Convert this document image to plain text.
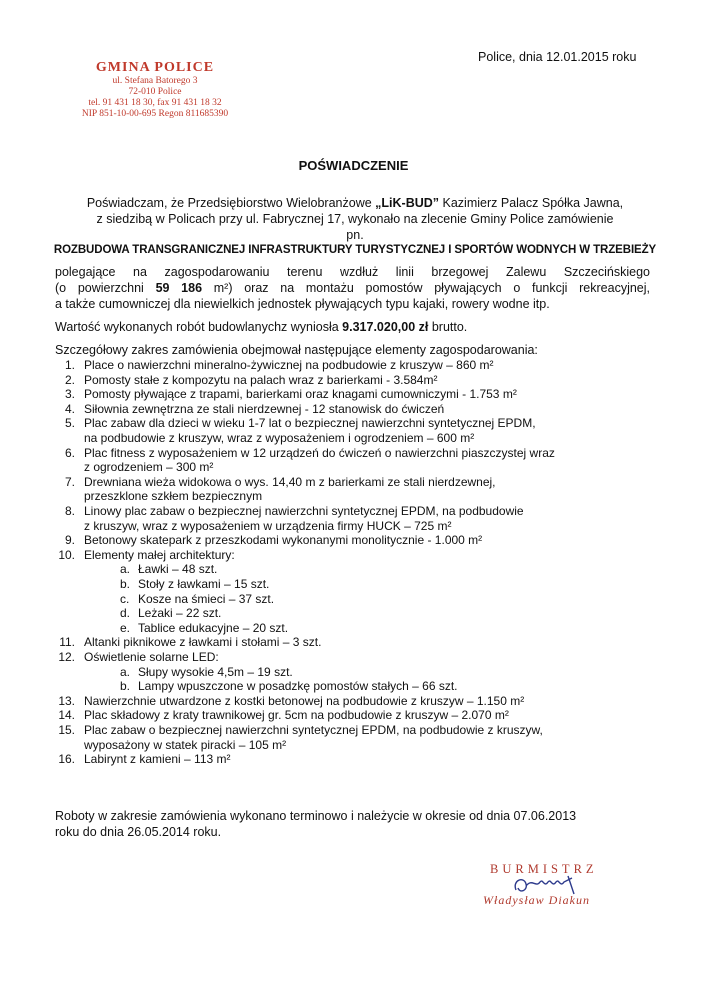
GMINA POLICE
ul. Stefana Batorego 3
72-010 Police
tel. 91 431 18 30, fax 91 431 18 32
NIP 851-10-00-695 Regon 811685390
Police, dnia 12.01.2015 roku
POŚWIADCZENIE
Poświadczam, że Przedsiębiorstwo Wielobranżowe „LiK-BUD” Kazimierz Palacz Spółka Jawna,
z siedzibą w Policach przy ul. Fabrycznej 17, wykonało na zlecenie Gminy Police zamówienie
pn.
ROZBUDOWA TRANSGRANICZNEJ INFRASTRUKTURY TURYSTYCZNEJ I SPORTÓW WODNYCH W TRZEBIEŻY
polegające na zagospodarowaniu terenu wzdłuż linii brzegowej Zalewu Szczecińskiego
(o powierzchni 59 186 m²) oraz na montażu pomostów pływających o funkcji rekreacyjnej,
a także cumowniczej dla niewielkich jednostek pływających typu kajaki, rowery wodne itp.
Wartość wykonanych robót budowlanychz wyniosła 9.317.020,00 zł brutto.
Szczegółowy zakres zamówienia obejmował następujące elementy zagospodarowania:
1. Place o nawierzchni mineralno-żywicznej na podbudowie z kruszyw – 860 m²
2. Pomosty stałe z kompozytu na palach wraz z barierkami - 3.584m²
3. Pomosty pływające z trapami, barierkami oraz knagami cumowniczymi - 1.753 m²
4. Siłownia zewnętrzna ze stali nierdzewnej - 12 stanowisk do ćwiczeń
5. Plac zabaw dla dzieci w wieku 1-7 lat o bezpiecznej nawierzchni syntetycznej EPDM,
na podbudowie z kruszyw, wraz z wyposażeniem i ogrodzeniem – 600 m²
6. Plac fitness z wyposażeniem w 12 urządzeń do ćwiczeń o nawierzchni piaszczystej wraz
z ogrodzeniem – 300 m²
7. Drewniana wieża widokowa o wys. 14,40 m z barierkami ze stali nierdzewnej,
przeszklone szkłem bezpiecznym
8. Linowy plac zabaw o bezpiecznej nawierzchni syntetycznej EPDM, na podbudowie
z kruszyw, wraz z wyposażeniem w urządzenia firmy HUCK – 725 m²
9. Betonowy skatepark z przeszkodami wykonanymi monolitycznie - 1.000 m²
10. Elementy małej architektury:
a. Ławki – 48 szt.
b. Stoły z ławkami – 15 szt.
c. Kosze na śmieci – 37 szt.
d. Leżaki – 22 szt.
e. Tablice edukacyjne – 20 szt.
11. Altanki piknikowe z ławkami i stołami – 3 szt.
12. Oświetlenie solarne LED:
a. Słupy wysokie 4,5m – 19 szt.
b. Lampy wpuszczone w posadzkę pomostów stałych – 66 szt.
13. Nawierzchnie utwardzone z kostki betonowej na podbudowie z kruszyw – 1.150 m²
14. Plac składowy z kraty trawnikowej gr. 5cm na podbudowie z kruszyw – 2.070 m²
15. Plac zabaw o bezpiecznej nawierzchni syntetycznej EPDM, na podbudowie z kruszyw,
wyposażony w statek piracki – 105 m²
16. Labirynt z kamieni – 113 m²
Roboty w zakresie zamówienia wykonano terminowo i należycie w okresie od dnia 07.06.2013
roku do dnia 26.05.2014 roku.
BURMISTRZ
Władysław Diakun
